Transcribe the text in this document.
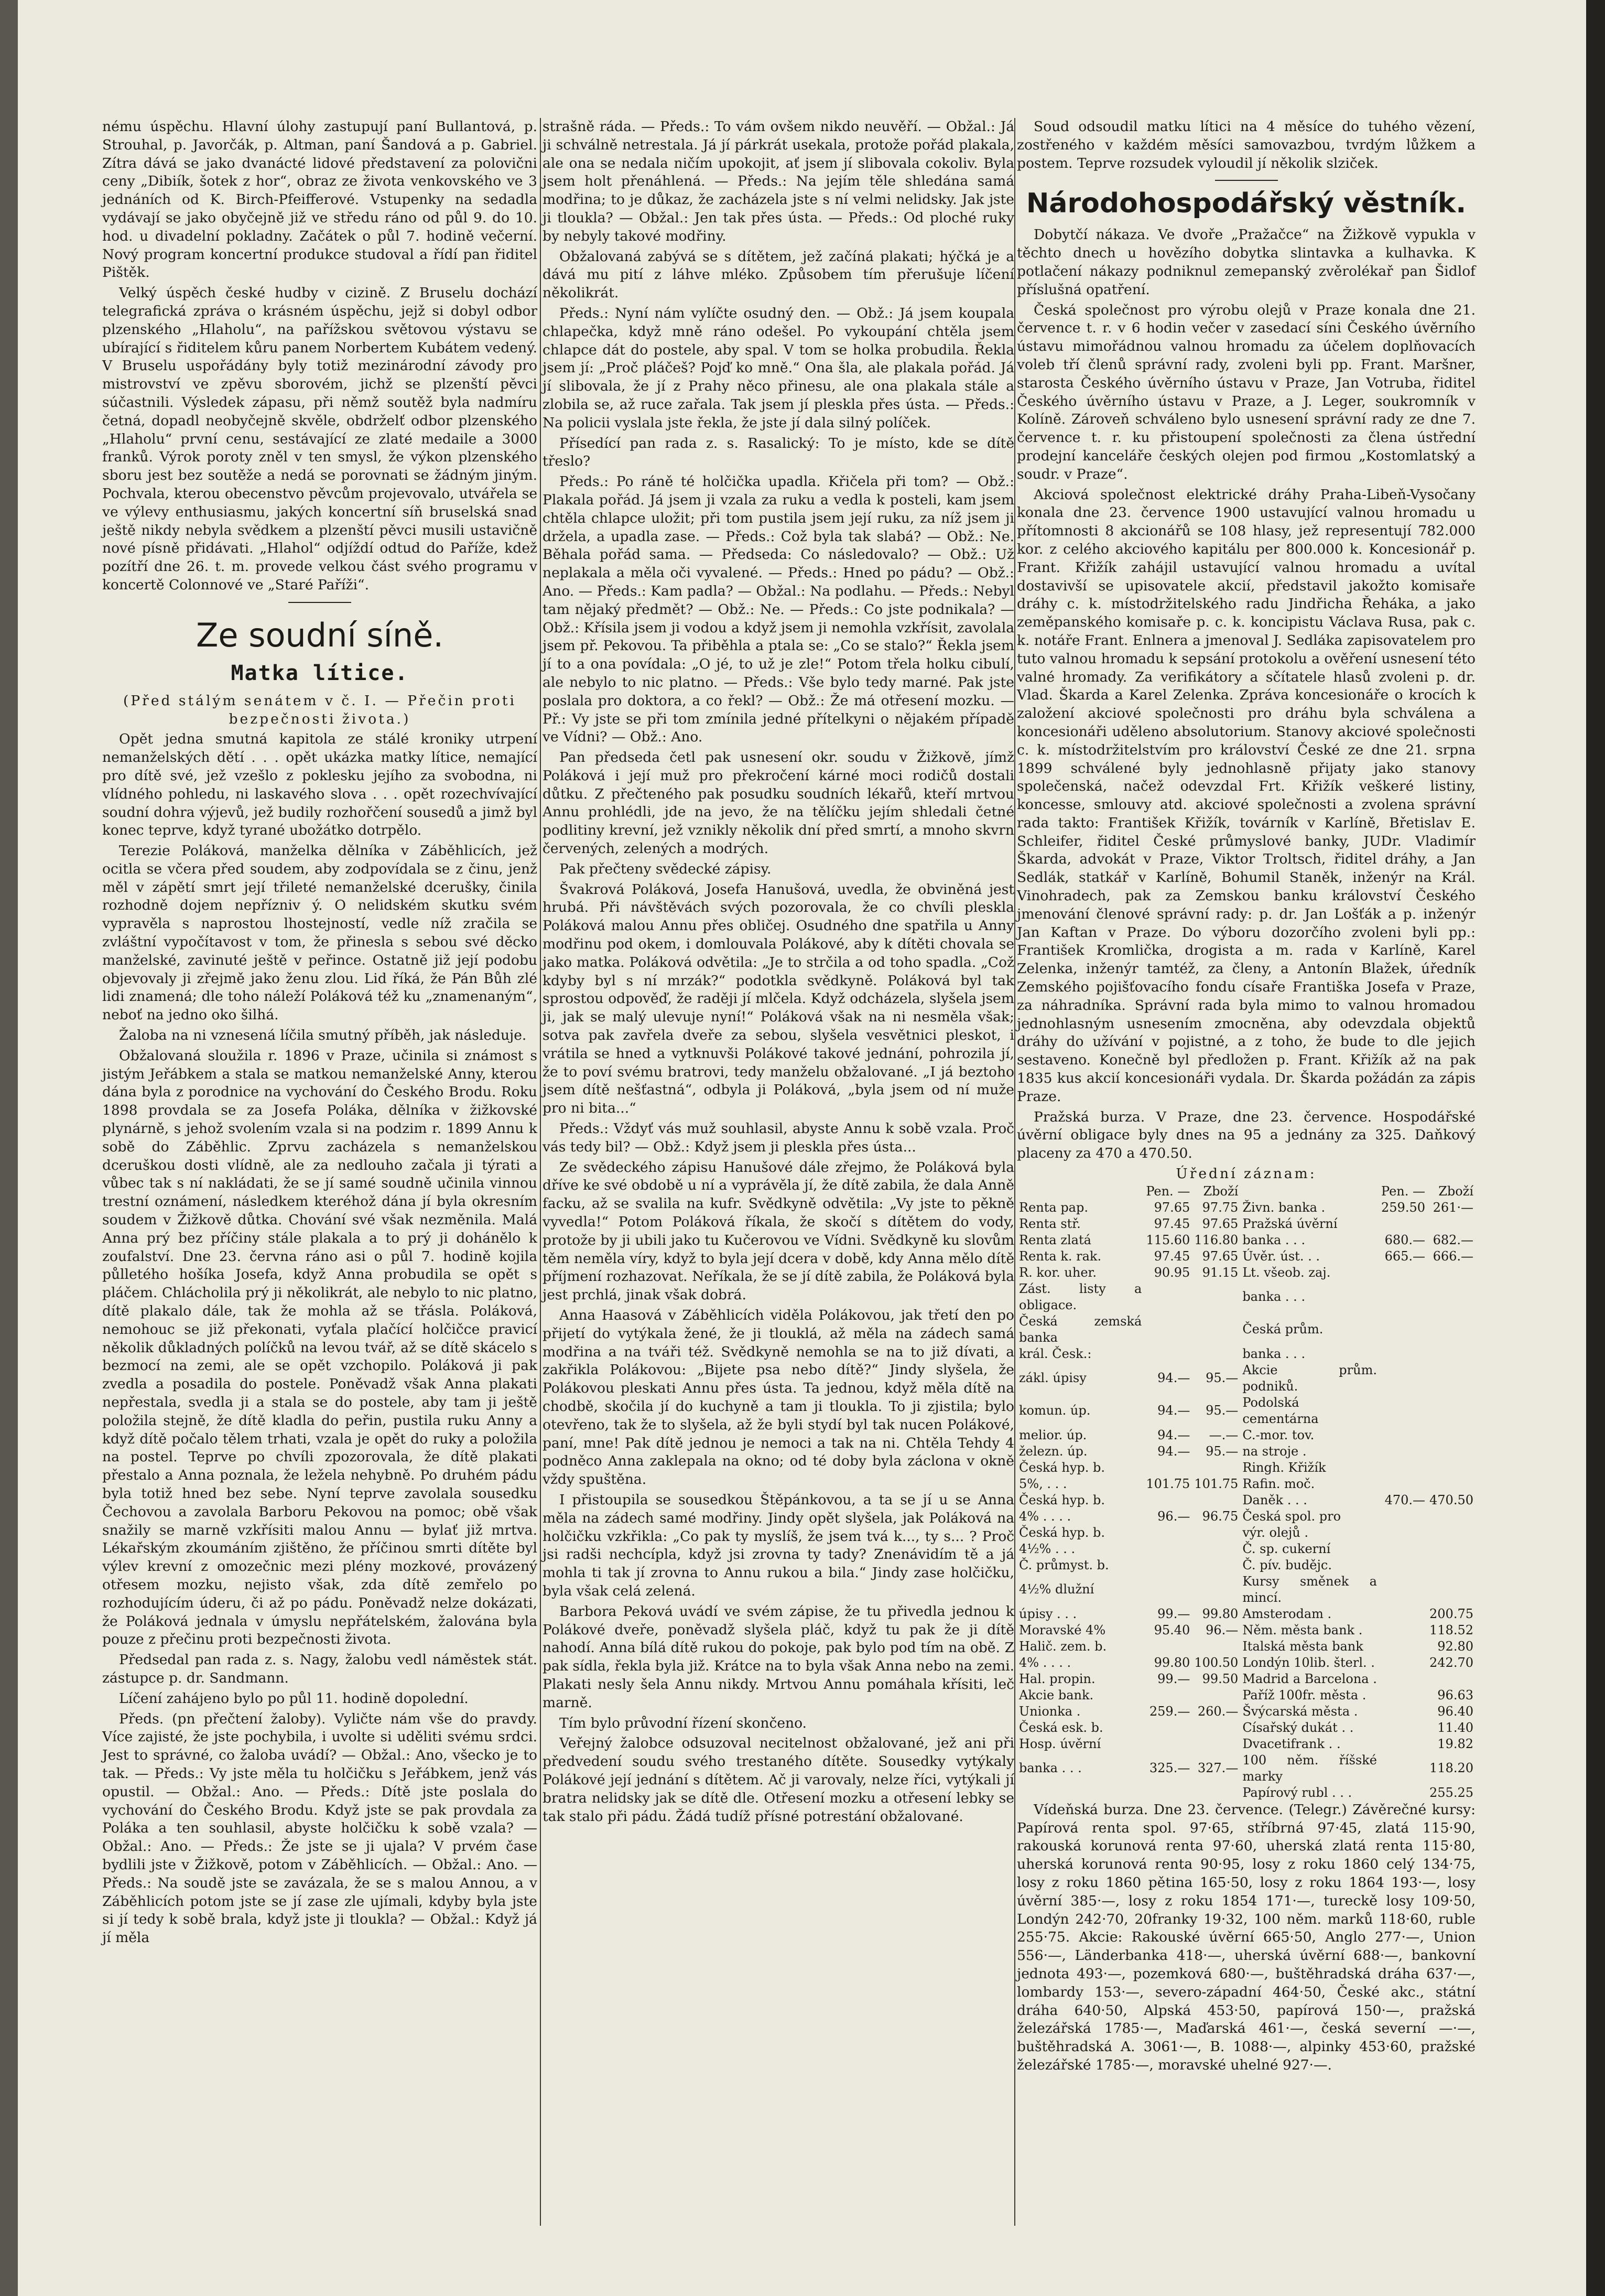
nému úspěchu. Hlavní úlohy zastupují paní Bullantová, p. Strouhal, p. Javorčák, p. Altman, paní Šandová a p. Gabriel. Zítra dává se jako dvanácté lidové představení za polovični ceny „Dibiík, šotek z hor“, obraz ze života venkovského ve 3 jednáních od K. Birch-Pfeifferové. Vstupenky na sedadla vydávají se jako obyčejně již ve středu ráno od půl 9. do 10. hod. u divadelní pokladny. Začátek o půl 7. hodině večerní. Nový program koncertní produkce studoval a řídí pan řiditel Pištěk.

Velký úspěch české hudby v cizině. Z Bruselu dochází telegrafická zpráva o krásném úspěchu, jejž si dobyl odbor plzenského „Hlaholu“, na pařížskou světovou výstavu se ubírající s řiditelem kůru panem Norbertem Kubátem vedený. V Bruselu uspořádány byly totiž mezinárodní závody pro mistrovství ve zpěvu sborovém, jichž se plzenští pěvci súčastnili. Výsledek zápasu, při němž soutěž byla nadmíru četná, dopadl neobyčejně skvěle, obdrželť odbor plzenského „Hlaholu“ první cenu, sestávající ze zlaté medaile a 3000 franků. Výrok poroty zněl v ten smysl, že výkon plzenského sboru jest bez soutěže a nedá se porovnati se žádným jiným. Pochvala, kterou obecenstvo pěvcům projevovalo, utvářela se ve výlevy enthusiasmu, jakých koncertní síň bruselská snad ještě nikdy nebyla svědkem a plzenští pěvci musili ustavičně nové písně přidávati. „Hlahol“ odjíždí odtud do Paříže, kdež pozítří dne 26. t. m. provede velkou část svého programu v koncertě Colonnové ve „Staré Paříži“.

Ze soudní síně.
Matka lítice.

(Před stálým senátem v č. I. — Přečin proti bezpečnosti života.)

Opět jedna smutná kapitola ze stálé kroniky utrpení nemanželských dětí . . . opět ukázka matky lítice, nemající pro dítě své, jež vzešlo z poklesku jejího za svobodna, ni vlídného pohledu, ni laskavého slova . . . opět rozechvívající soudní dohra výjevů, jež budily rozhořčení sousedů a jimž byl konec teprve, když tyrané ubožátko dotrpělo.

Terezie Poláková, manželka dělníka v Záběhlicích, jež ocitla se včera před soudem, aby zodpovídala se z činu, jenž měl v zápětí smrt její třileté nemanželské dcerušky, činila rozhodně dojem nepřízniv ý. O nelidském skutku svém vypravěla s naprostou lhostejností, vedle níž zračila se zvláštní vypočítavost v tom, že přinesla s sebou své děcko manželské, zavinuté ještě v peřince. Ostatně již její podobu objevovaly ji zřejmě jako ženu zlou. Lid říká, že Pán Bůh zlé lidi znamená; dle toho náleží Poláková též ku „znamenaným“, neboť na jedno oko šilhá.

Žaloba na ni vznesená líčila smutný příběh, jak následuje.

Obžalovaná sloužila r. 1896 v Praze, učinila si známost s jistým Jeřábkem a stala se matkou nemanželské Anny, kterou dána byla z porodnice na vychování do Českého Brodu. Roku 1898 provdala se za Josefa Poláka, dělníka v žižkovské plynárně, s jehož svolením vzala si na podzim r. 1899 Annu k sobě do Záběhlic. Zprvu zacházela s nemanželskou dceruškou dosti vlídně, ale za nedlouho začala ji týrati a vůbec tak s ní nakládati, že se jí samé soudně učinila vinnou trestní oznámení, následkem kteréhož dána jí byla okresním soudem v Žižkově důtka. Chování své však nezměnila. Malá Anna prý bez příčiny stále plakala a to prý ji dohánělo k zoufalství. Dne 23. června ráno asi o půl 7. hodině kojila půlletého hošíka Josefa, když Anna probudila se opět s pláčem. Chlácholila prý ji několikrát, ale nebylo to nic platno, dítě plakalo dále, tak že mohla až se třásla. Poláková, nemohouc se již překonati, vyťala plačící holčičce pravicí několik důkladných políčků na levou tvář, až se dítě skácelo s bezmocí na zemi, ale se opět vzchopilo. Poláková ji pak zvedla a posadila do postele. Poněvadž však Anna plakati nepřestala, svedla ji a stala se do postele, aby tam ji ještě položila stejně, že dítě kladla do peřin, pustila ruku Anny a když dítě počalo tělem trhati, vzala je opět do ruky a položila na postel. Teprve po chvíli zpozorovala, že dítě plakati přestalo a Anna poznala, že ležela nehybně. Po druhém pádu byla totiž hned bez sebe. Nyní teprve zavolala sousedku Čechovou a zavolala Barboru Pekovou na pomoc; obě však snažily se marně vzkřísiti malou Annu — bylať již mrtva. Lékařským zkoumáním zjištěno, že příčinou smrti dítěte byl výlev krevní z omozečnic mezi plény mozkové, provázený otřesem mozku, nejisto však, zda dítě zemřelo po rozhodujícím úderu, či až po pádu. Poněvadž nelze dokázati, že Poláková jednala v úmyslu nepřátelském, žalována byla pouze z přečinu proti bezpečnosti života.

Předsedal pan rada z. s. Nagy, žalobu vedl náměstek stát. zástupce p. dr. Sandmann.

Líčení zahájeno bylo po půl 11. hodině dopolední.

Předs. (pn přečtení žaloby). Vyličte nám vše do pravdy. Více zajisté, že jste pochybila, i uvolte si uděliti svému srdci. Jest to správné, co žaloba uvádí? — Obžal.: Ano, všecko je to tak. — Předs.: Vy jste měla tu holčičku s Jeřábkem, jenž vás opustil. — Obžal.: Ano. — Předs.: Dítě jste poslala do vychování do Českého Brodu. Když jste se pak provdala za Poláka a ten souhlasil, abyste holčičku k sobě vzala? — Obžal.: Ano. — Předs.: Že jste se ji ujala? V prvém čase bydlili jste v Žižkově, potom v Záběhlicích. — Obžal.: Ano. — Předs.: Na soudě jste se zavázala, že se s malou Annou, a v Záběhlicích potom jste se jí zase zle ujímali, kdyby byla jste si jí tedy k sobě brala, když jste ji tloukla? — Obžal.: Když já jí měla

strašně ráda. — Předs.: To vám ovšem nikdo neuvěří. — Obžal.: Já ji schválně netrestala. Já jí párkrát usekala, protože pořád plakala, ale ona se nedala ničím upokojit, ať jsem jí slibovala cokoliv. Byla jsem holt přenáhlená. — Předs.: Na jejím těle shledána samá modřina; to je důkaz, že zacházela jste s ní velmi nelidsky. Jak jste ji tloukla? — Obžal.: Jen tak přes ústa. — Předs.: Od ploché ruky by nebyly takové modřiny.

Obžalovaná zabývá se s dítětem, jež začíná plakati; hýčká je a dává mu pití z láhve mléko. Způsobem tím přerušuje líčení několikrát.

Předs.: Nyní nám vylíčte osudný den. — Obž.: Já jsem koupala chlapečka, když mně ráno odešel. Po vykoupání chtěla jsem chlapce dát do postele, aby spal. V tom se holka probudila. Řekla jsem jí: „Proč pláčeš? Pojď ko mně.“ Ona šla, ale plakala pořád. Já jí slibovala, že jí z Prahy něco přinesu, ale ona plakala stále a zlobila se, až ruce zařala. Tak jsem jí pleskla přes ústa. — Předs.: Na policii vyslala jste řekla, že jste jí dala silný políček.

Přísedící pan rada z. s. Rasalický: To je místo, kde se dítě třeslo?

Předs.: Po ráně té holčička upadla. Křičela při tom? — Obž.: Plakala pořád. Já jsem ji vzala za ruku a vedla k posteli, kam jsem chtěla chlapce uložit; při tom pustila jsem její ruku, za níž jsem ji držela, a upadla zase. — Předs.: Což byla tak slabá? — Obž.: Ne. Běhala pořád sama. — Předseda: Co následovalo? — Obž.: Už neplakala a měla oči vyvalené. — Předs.: Hned po pádu? — Obž.: Ano. — Předs.: Kam padla? — Obžal.: Na podlahu. — Předs.: Nebyl tam nějaký předmět? — Obž.: Ne. — Předs.: Co jste podnikala? — Obž.: Křísila jsem ji vodou a když jsem ji nemohla vzkřísit, zavolala jsem př. Pekovou. Ta přiběhla a ptala se: „Co se stalo?“ Řekla jsem jí to a ona povídala: „O jé, to už je zle!“ Potom třela holku cibulí, ale nebylo to nic platno. — Předs.: Vše bylo tedy marné. Pak jste poslala pro doktora, a co řekl? — Obž.: Že má otřesení mozku. — Př.: Vy jste se při tom zmínila jedné přítelkyni o nějakém případě ve Vídni? — Obž.: Ano.

Pan předseda četl pak usnesení okr. soudu v Žižkově, jímž Poláková i její muž pro překročení kárné moci rodičů dostali důtku. Z přečteného pak posudku soudních lékařů, kteří mrtvou Annu prohlédli, jde na jevo, že na tělíčku jejím shledali četné podlitiny krevní, jež vznikly několik dní před smrtí, a mnoho skvrn červených, zelených a modrých.

Pak přečteny svědecké zápisy.

Švakrová Poláková, Josefa Hanušová, uvedla, že obviněná jest hrubá. Při návštěvách svých pozorovala, že co chvíli pleskla Poláková malou Annu přes obličej. Osudného dne spatřila u Anny modřinu pod okem, i domlouvala Polákové, aby k dítěti chovala se jako matka. Poláková odvětila: „Je to strčila a od toho spadla. „Což kdyby byl s ní mrzák?“ podotkla svědkyně. Poláková byl tak sprostou odpověď, že raději jí mlčela. Když odcházela, slyšela jsem ji, jak se malý ulevuje nyní!“ Poláková však na ni nesměla však; sotva pak zavřela dveře za sebou, slyšela vesvětnici pleskot, i vrátila se hned a vytknuvši Polákové takové jednání, pohrozila jí, že to poví svému bratrovi, tedy manželu obžalované. „I já beztoho jsem dítě nešťastná“, odbyla ji Poláková, „byla jsem od ní muže pro ni bita...“

Předs.: Vždyť vás muž souhlasil, abyste Annu k sobě vzala. Proč vás tedy bil? — Obž.: Když jsem ji pleskla přes ústa...

Ze svědeckého zápisu Hanušové dále zřejmo, že Poláková byla dříve ke své obdobě u ní a vyprávěla jí, že dítě zabila, že dala Anně facku, až se svalila na kufr. Svědkyně odvětila: „Vy jste to pěkně vyvedla!“ Potom Poláková říkala, že skočí s dítětem do vody, protože by ji ubili jako tu Kučerovou ve Vídni. Svědkyně ku slovům těm neměla víry, když to byla její dcera v době, kdy Anna mělo dítě příjmení rozhazovat. Neříkala, že se jí dítě zabila, že Poláková byla jest prchlá, jinak však dobrá.

Anna Haasová v Záběhlicích viděla Polákovou, jak třetí den po přijetí do vytýkala žené, že ji tlouklá, až měla na zádech samá modřina a na tváři též. Svědkyně nemohla se na to již dívati, a zakřikla Polákovou: „Bijete psa nebo dítě?“ Jindy slyšela, že Polákovou pleskati Annu přes ústa. Ta jednou, když měla dítě na chodbě, skočila jí do kuchyně a tam ji tloukla. To ji zjistila; bylo otevřeno, tak že to slyšela, až že byli stydí byl tak nucen Polákové, paní, mne! Pak dítě jednou je nemoci a tak na ni. Chtěla Tehdy 4 podněco Anna zaklepala na okno; od té doby byla záclona v okně vždy spuštěna.

I přistoupila se sousedkou Štěpánkovou, a ta se jí u se Anna měla na zádech samé modřiny. Jindy opět slyšela, jak Poláková na holčičku vzkřikla: „Co pak ty myslíš, že jsem tvá k..., ty s... ? Proč jsi radši nechcípla, když jsi zrovna ty tady? Znenávidím tě a já mohla ti tak jí zrovna to Annu rukou a bila.“ Jindy zase holčičku, byla však celá zelená.

Barbora Peková uvádí ve svém zápise, že tu přivedla jednou k Polákové dveře, poněvadž slyšela pláč, když tu pak že ji dítě nahodí. Anna bílá dítě rukou do pokoje, pak bylo pod tím na obě. Z pak sídla, řekla byla již. Krátce na to byla však Anna nebo na zemi. Plakati nesly šela Annu nikdy. Mrtvou Annu pomáhala křísiti, leč marně.

Tím bylo průvodní řízení skončeno.

Veřejný žalobce odsuzoval necitelnost obžalované, jež ani při předvedení soudu svého trestaného dítěte. Sousedky vytýkaly Polákové její jednání s dítětem. Ač ji varovaly, nelze říci, vytýkali jí bratra nelidsky jak se dítě dle. Otřesení mozku a otřesení lebky se tak stalo při pádu. Žádá tudíž přísné potrestání obžalované.

Soud odsoudil matku lítici na 4 měsíce do tuhého vězení, zostřeného v každém měsíci samovazbou, tvrdým lůžkem a postem. Teprve rozsudek vyloudil jí několik slziček.

Národohospodářský věstník.

Dobytčí nákaza. Ve dvoře „Pražačce“ na Žižkově vypukla v těchto dnech u hovězího dobytka slintavka a kulhavka. K potlačení nákazy podniknul zemepanský zvěrolékař pan Šidlof příslušná opatření.

Česká společnost pro výrobu olejů v Praze konala dne 21. července t. r. v 6 hodin večer v zasedací síni Českého úvěrního ústavu mimořádnou valnou hromadu za účelem doplňovacích voleb tří členů správní rady, zvoleni byli pp. Frant. Maršner, starosta Českého úvěrního ústavu v Praze, Jan Votruba, řiditel Českého úvěrního ústavu v Praze, a J. Leger, soukromník v Kolíně. Zároveň schváleno bylo usnesení správní rady ze dne 7. července t. r. ku přistoupení společnosti za člena ústřední prodejní kanceláře českých olejen pod firmou „Kostomlatský a soudr. v Praze“.

Akciová společnost elektrické dráhy Praha-Libeň-Vysočany konala dne 23. července 1900 ustavující valnou hromadu u přítomnosti 8 akcionářů se 108 hlasy, jež representují 782.000 kor. z celého akciového kapitálu per 800.000 k. Koncesionář p. Frant. Křižík zahájil ustavující valnou hromadu a uvítal dostavivší se upisovatele akcií, představil jakožto komisaře dráhy c. k. místodržitelského radu Jindřicha Řeháka, a jako zeměpanského komisaře p. c. k. koncipistu Václava Rusa, pak c. k. notáře Frant. Enlnera a jmenoval J. Sedláka zapisovatelem pro tuto valnou hromadu k sepsání protokolu a ověření usnesení této valné hromady. Za verifikátory a sčítatele hlasů zvoleni p. dr. Vlad. Škarda a Karel Zelenka. Zpráva koncesionáře o krocích k založení akciové společnosti pro dráhu byla schválena a koncesionáři uděleno absolutorium. Stanovy akciové společnosti c. k. místodržitelstvím pro království České ze dne 21. srpna 1899 schválené byly jednohlasně přijaty jako stanovy společenská, načež odevzdal Frt. Křižík veškeré listiny, koncesse, smlouvy atd. akciové společnosti a zvolena správní rada takto: František Křižík, továrník v Karlíně, Břetislav E. Schleifer, řiditel České průmyslové banky, JUDr. Vladimír Škarda, advokát v Praze, Viktor Troltsch, řiditel dráhy, a Jan Sedlák, statkář v Karlíně, Bohumil Staněk, inženýr na Král. Vinohradech, pak za Zemskou banku království Českého jmenování členové správní rady: p. dr. Jan Lošťák a p. inženýr Jan Kaftan v Praze. Do výboru dozorčího zvoleni byli pp.: František Kromlička, drogista a m. rada v Karlíně, Karel Zelenka, inženýr tamtéž, za členy, a Antonín Blažek, úředník Zemského pojišťovacího fondu císaře Františka Josefa v Praze, za náhradníka. Správní rada byla mimo to valnou hromadou jednohlasným usnesením zmocněna, aby odevzdala objektů dráhy do užívání v pojistné, a z toho, že bude to dle jejich sestaveno. Konečně byl předložen p. Frant. Křižík až na pak 1835 kus akcií koncesionáři vydala. Dr. Škarda požádán za zápis Praze.

Pražská burza. V Praze, dne 23. července. Hospodářské úvěrní obligace byly dnes na 95 a jednány za 325. Daňkový placeny za 470 a 470.50.

Úřední záznam:
	Pen. —	Zboží		Pen. —	Zboží
Renta pap.	97.65	97.75	Živn. banka .	259.50	261·—
Renta stř.	97.45	97.65	Pražská úvěrní		
Renta zlatá	115.60	116.80	banka . . .	680.—	682.—
Renta k. rak.	97.45	97.65	Úvěr. úst. . .	665.—	666.—
R. kor. uher.	90.95	91.15	Lt. všeob. zaj.		
Zást. listy a obligace.			banka . . .		
Česká zemská banka			Česká prům.		
král. Česk.:			banka . . .		
zákl. úpisy	94.—	95.—	Akcie prům. podniků.		
komun. úp.	94.—	95.—	Podolská cementárna		
melior. úp.	94.—	—.—	C.-mor. tov.		
železn. úp.	94.—	95.—	na stroje .		
Česká hyp. b.			Ringh. Křižík		
5%, . . .	101.75	101.75	Rafin. moč.		
Česká hyp. b.			Daněk . . .	470.—	470.50
4% . . . .	96.—	96.75	Česká spol. pro		
Česká hyp. b.			výr. olejů .		
4½% . . .			Č. sp. cukerní		
Č. průmyst. b.			Č. pív. budějc.		
4½% dlužní			Kursy směnek a mincí.		
úpisy . . .	99.—	99.80	Amsterodam .		200.75
Moravské 4%	95.40	96.—	Něm. města bank .		118.52
Halič. zem. b.			Italská města bank		92.80
4% . . . .	99.80	100.50	Londýn 10lib. šterl. .		242.70
Hal. propin.	99.—	99.50	Madrid a Barcelona .		
Akcie bank.			Paříž 100fr. města .		96.63
Unionka .	259.—	260.—	Švýcarská města .		96.40
Česká esk. b.			Císařský dukát . .		11.40
Hosp. úvěrní			Dvacetifrank . .		19.82
banka . . .	325.—	327.—	100 něm. říšské marky		118.20
			Papírový rubl . . .		255.25

Vídeňská burza. Dne 23. července. (Telegr.) Závěrečné kursy: Papírová renta spol. 97·65, stříbrná 97·45, zlatá 115·90, rakouská korunová renta 97·60, uherská zlatá renta 115·80, uherská korunová renta 90·95, losy z roku 1860 celý 134·75, losy z roku 1860 pětina 165·50, losy z roku 1864 193·—, losy úvěrní 385·—, losy z roku 1854 171·—, tureckě losy 109·50, Londýn 242·70, 20franky 19·32, 100 něm. marků 118·60, ruble 255·75. Akcie: Rakouské úvěrní 665·50, Anglo 277·—, Union 556·—, Länderbanka 418·—, uherská úvěrní 688·—, bankovní jednota 493·—, pozemková 680·—, buštěhradská dráha 637·—, lombardy 153·—, severo-západní 464·50, České akc., státní dráha 640·50, Alpská 453·50, papírová 150·—, pražská železářská 1785·—, Maďarská 461·—, česká severní —·—, buštěhradská A. 3061·—, B. 1088·—, alpinky 453·60, pražské železářské 1785·—, moravské uhelné 927·—.
